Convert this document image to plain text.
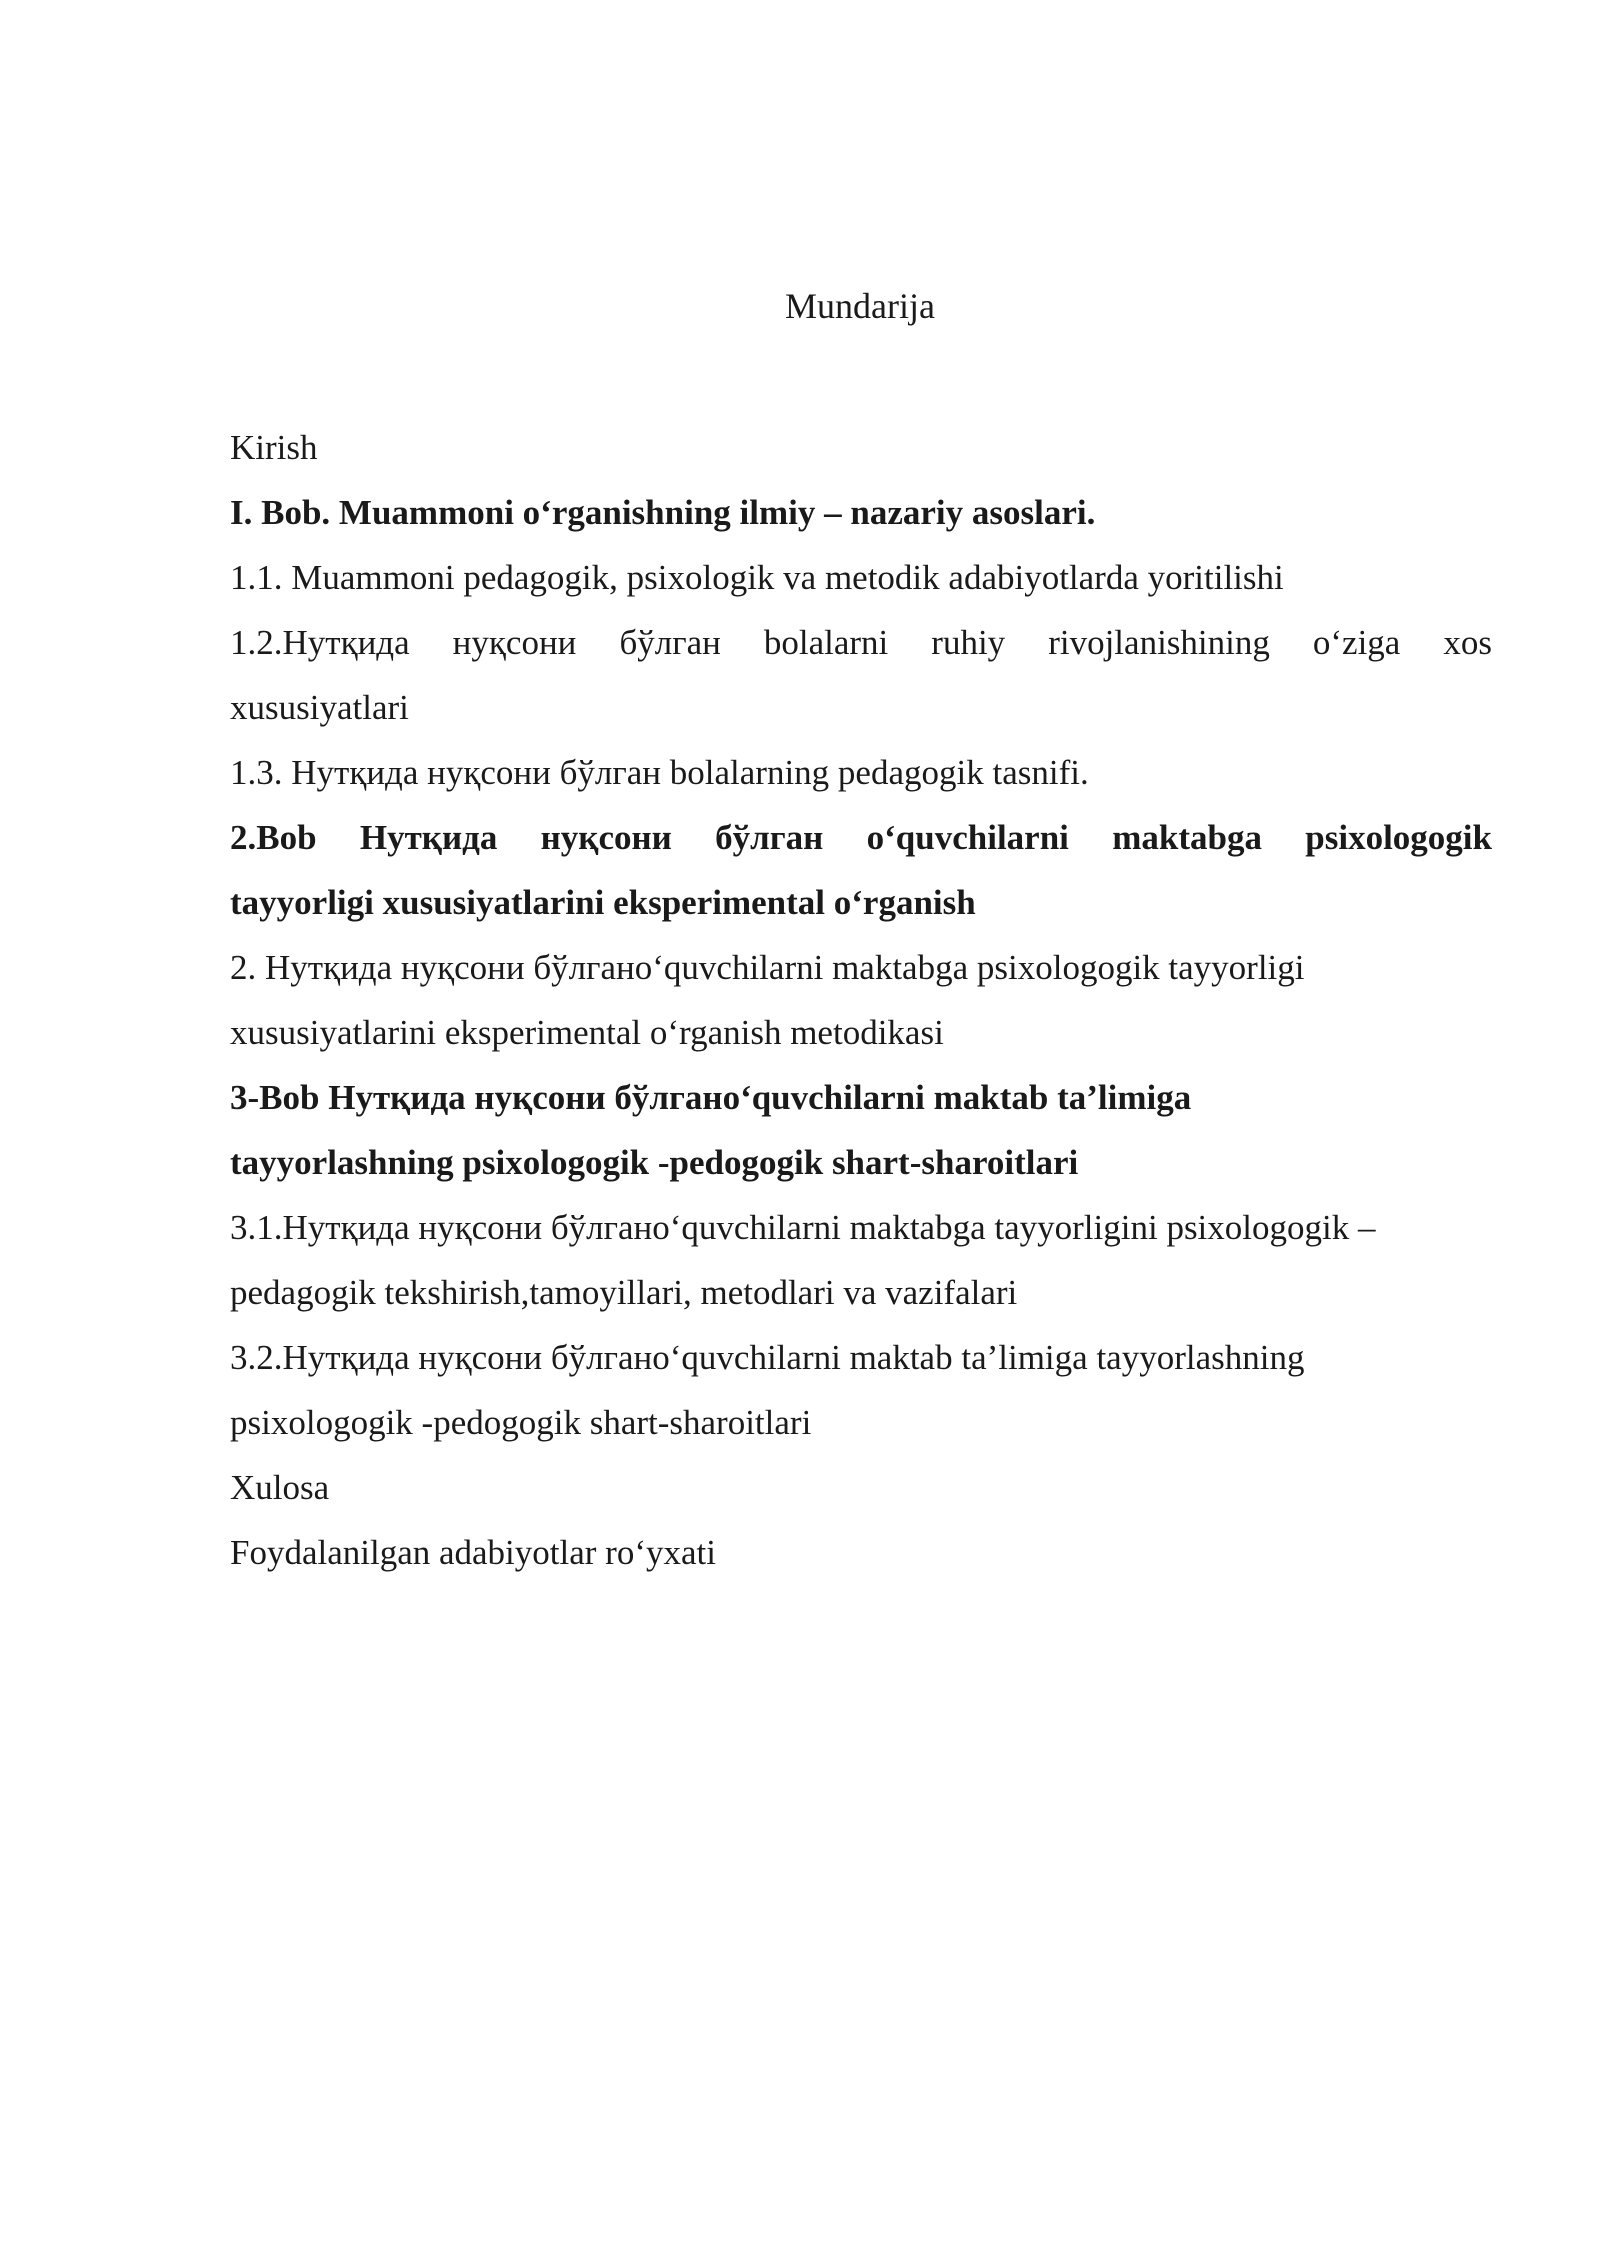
Mundarija
Kirish
I. Bob. Muammoni oʻrganishning ilmiy – nazariy asoslari.
1.1. Muammoni pedagogik, psixologik va metodik adabiyotlarda yoritilishi
1.2.Нутқида нуқсони бўлган bolalarni ruhiy rivojlanishining oʻziga xos
xususiyatlari
1.3. Нутқида нуқсони бўлган bolalarning pedagogik tasnifi.
2.Bob Нутқида нуқсони бўлган oʻquvchilarni maktabga psixologogik
tayyorligi xususiyatlarini eksperimental oʻrganish
2. Нутқида нуқсони бўлганоʻquvchilarni maktabga psixologogik tayyorligi
xususiyatlarini eksperimental oʻrganish metodikasi
3-Bob Нутқида нуқсони бўлганоʻquvchilarni maktab ta’limiga
tayyorlashning psixologogik -pedogogik shart-sharoitlari
3.1.Нутқида нуқсони бўлганоʻquvchilarni maktabga tayyorligini psixologogik –
pedagogik tekshirish,tamoyillari, metodlari va vazifalari
3.2.Нутқида нуқсони бўлганоʻquvchilarni maktab ta’limiga tayyorlashning
psixologogik -pedogogik shart-sharoitlari
Xulosa
Foydalanilgan adabiyotlar roʻyxati
